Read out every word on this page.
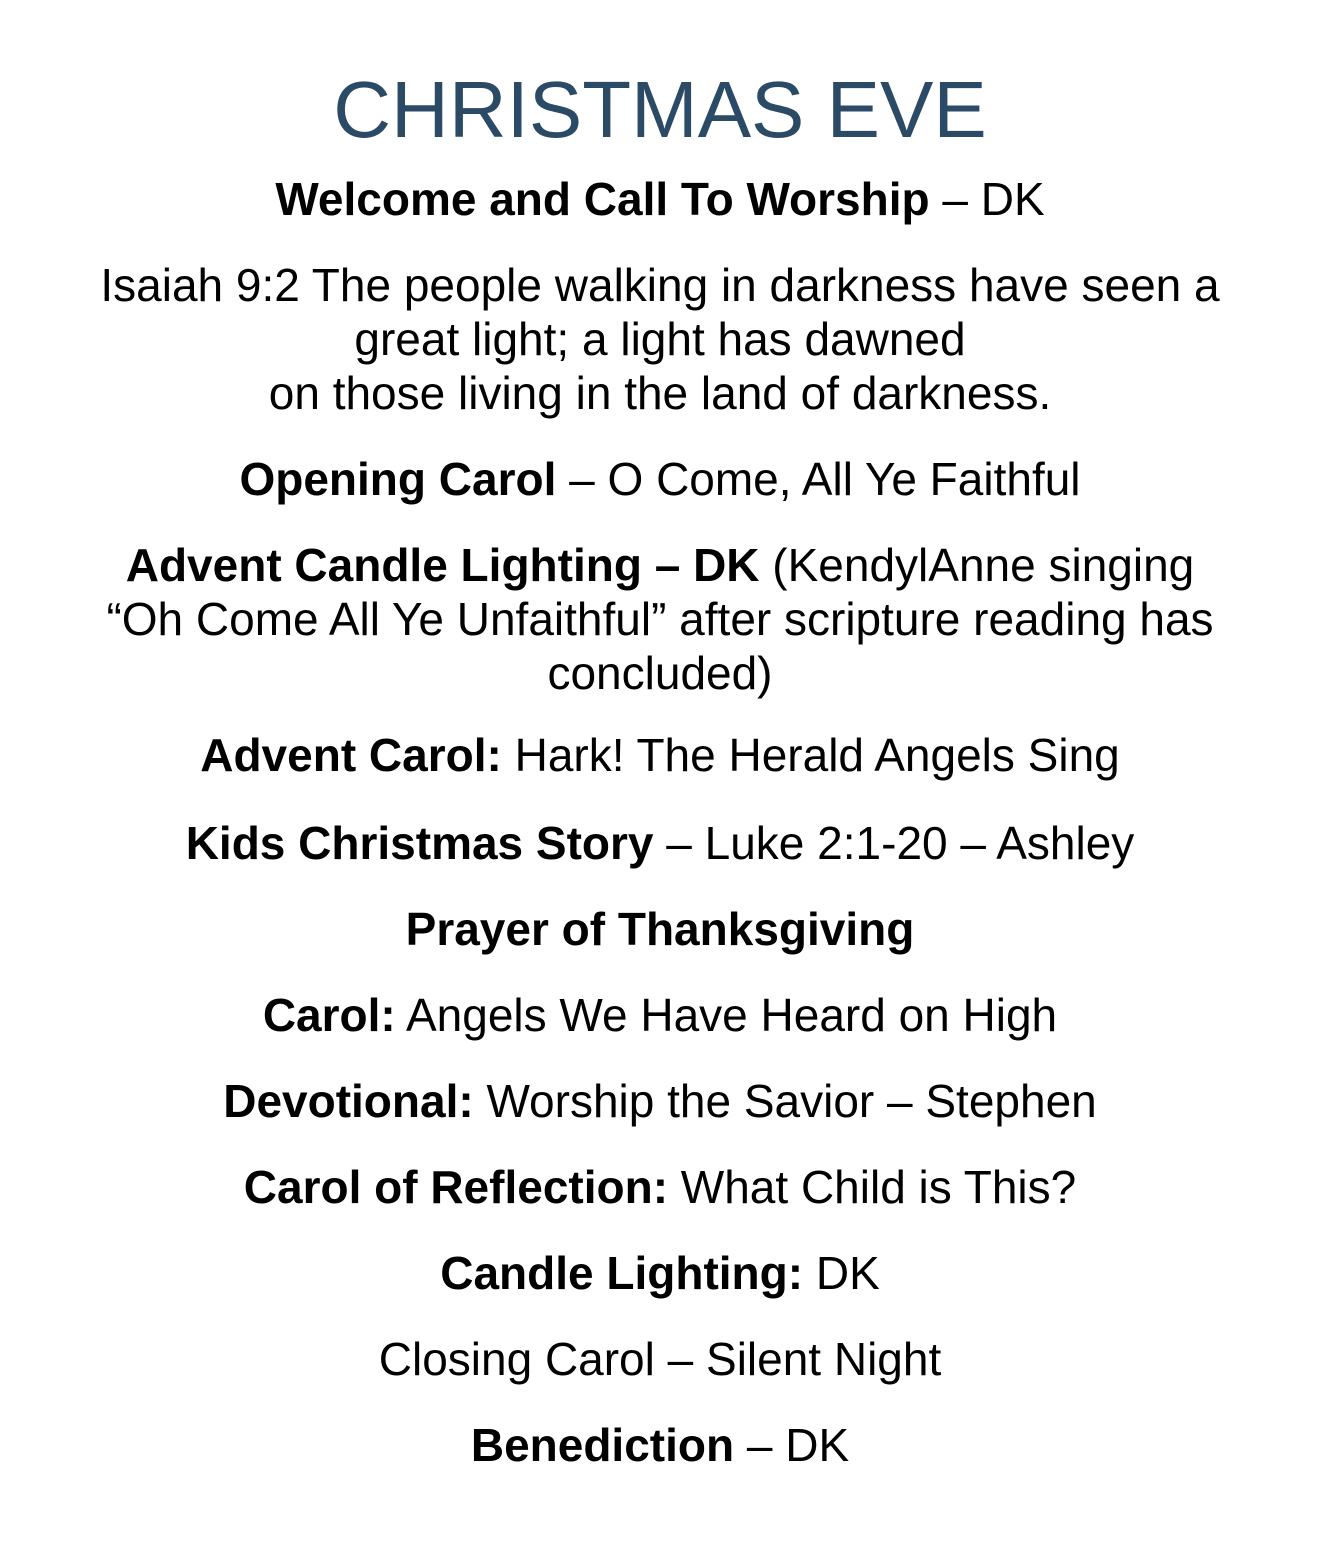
CHRISTMAS EVE

Welcome and Call To Worship – DK

Isaiah 9:2 The people walking in darkness have seen a
great light; a light has dawned
on those living in the land of darkness.

Opening Carol – O Come, All Ye Faithful

Advent Candle Lighting – DK (KendylAnne singing
“Oh Come All Ye Unfaithful” after scripture reading has
concluded)

Advent Carol: Hark! The Herald Angels Sing

Kids Christmas Story – Luke 2:1-20 – Ashley

Prayer of Thanksgiving

Carol: Angels We Have Heard on High

Devotional: Worship the Savior – Stephen

Carol of Reflection: What Child is This?

Candle Lighting: DK

Closing Carol – Silent Night

Benediction – DK
